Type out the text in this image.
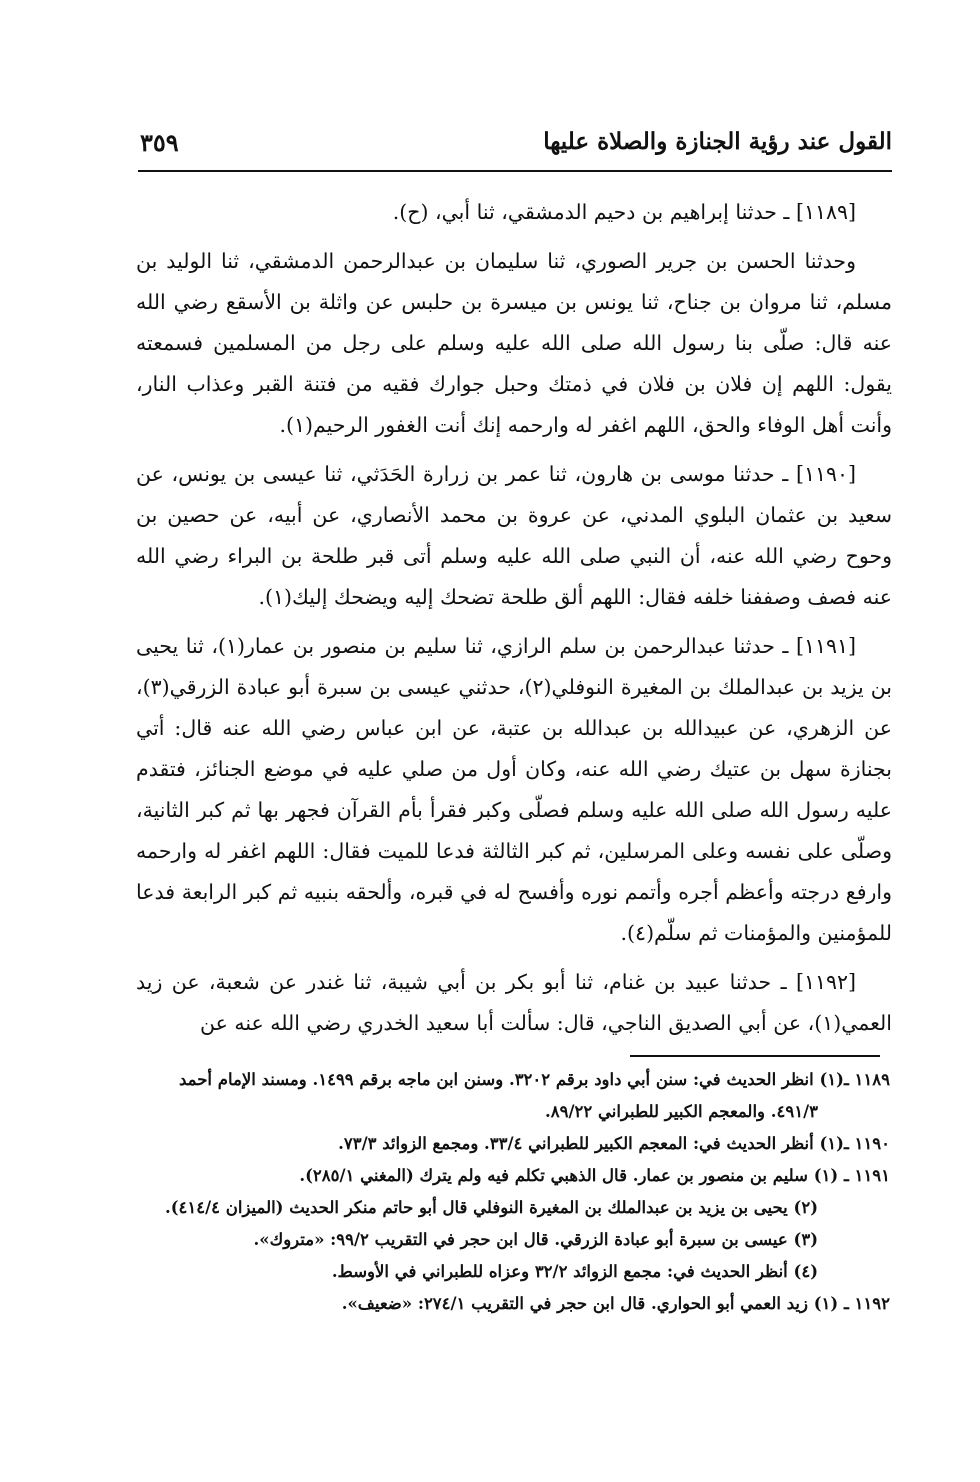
القول عند رؤية الجنازة والصلاة عليها
٣٥٩

[١١٨٩] ـ حدثنا إبراهيم بن دحيم الدمشقي، ثنا أبي، (ح).

وحدثنا الحسن بن جرير الصوري، ثنا سليمان بن عبدالرحمن الدمشقي، ثنا الوليد بن مسلم، ثنا مروان بن جناح، ثنا يونس بن ميسرة بن حلبس عن واثلة بن الأسقع رضي الله عنه قال: صلّى بنا رسول الله صلى الله عليه وسلم على رجل من المسلمين فسمعته يقول: اللهم إن فلان بن فلان في ذمتك وحبل جوارك فقيه من فتنة القبر وعذاب النار، وأنت أهل الوفاء والحق، اللهم اغفر له وارحمه إنك أنت الغفور الرحيم(١).

[١١٩٠] ـ حدثنا موسى بن هارون، ثنا عمر بن زرارة الحَدَثي، ثنا عيسى بن يونس، عن سعيد بن عثمان البلوي المدني، عن عروة بن محمد الأنصاري، عن أبيه، عن حصين بن وحوح رضي الله عنه، أن النبي صلى الله عليه وسلم أتى قبر طلحة بن البراء رضي الله عنه فصف وصففنا خلفه فقال: اللهم ألق طلحة تضحك إليه ويضحك إليك(١).

[١١٩١] ـ حدثنا عبدالرحمن بن سلم الرازي، ثنا سليم بن منصور بن عمار(١)، ثنا يحيى بن يزيد بن عبدالملك بن المغيرة النوفلي(٢)، حدثني عيسى بن سبرة أبو عبادة الزرقي(٣)، عن الزهري، عن عبيدالله بن عبدالله بن عتبة، عن ابن عباس رضي الله عنه قال: أتي بجنازة سهل بن عتيك رضي الله عنه، وكان أول من صلي عليه في موضع الجنائز، فتقدم عليه رسول الله صلى الله عليه وسلم فصلّى وكبر فقرأ بأم القرآن فجهر بها ثم كبر الثانية، وصلّى على نفسه وعلى المرسلين، ثم كبر الثالثة فدعا للميت فقال: اللهم اغفر له وارحمه وارفع درجته وأعظم أجره وأتمم نوره وأفسح له في قبره، وألحقه بنبيه ثم كبر الرابعة فدعا للمؤمنين والمؤمنات ثم سلّم(٤).

[١١٩٢] ـ حدثنا عبيد بن غنام، ثنا أبو بكر بن أبي شيبة، ثنا غندر عن شعبة، عن زيد العمي(١)، عن أبي الصديق الناجي، قال: سألت أبا سعيد الخدري رضي الله عنه عن

١١٨٩ ـ(١) انظر الحديث في: سنن أبي داود برقم ٣٢٠٢. وسنن ابن ماجه برقم ١٤٩٩. ومسند الإمام أحمد

٤٩١/٣. والمعجم الكبير للطبراني ٨٩/٢٢.

١١٩٠ ـ(١) أنظر الحديث في: المعجم الكبير للطبراني ٣٣/٤. ومجمع الزوائد ٧٣/٣.

١١٩١ ـ (١) سليم بن منصور بن عمار. قال الذهبي تكلم فيه ولم يترك (المغني ٢٨٥/١).

(٢) يحيى بن يزيد بن عبدالملك بن المغيرة النوفلي قال أبو حاتم منكر الحديث (الميزان ٤١٤/٤).

(٣) عيسى بن سبرة أبو عبادة الزرقي. قال ابن حجر في التقريب ٩٩/٢: «متروك».

(٤) أنظر الحديث في: مجمع الزوائد ٣٢/٢ وعزاه للطبراني في الأوسط.

١١٩٢ ـ (١) زيد العمي أبو الحواري. قال ابن حجر في التقريب ٢٧٤/١: «ضعيف».
